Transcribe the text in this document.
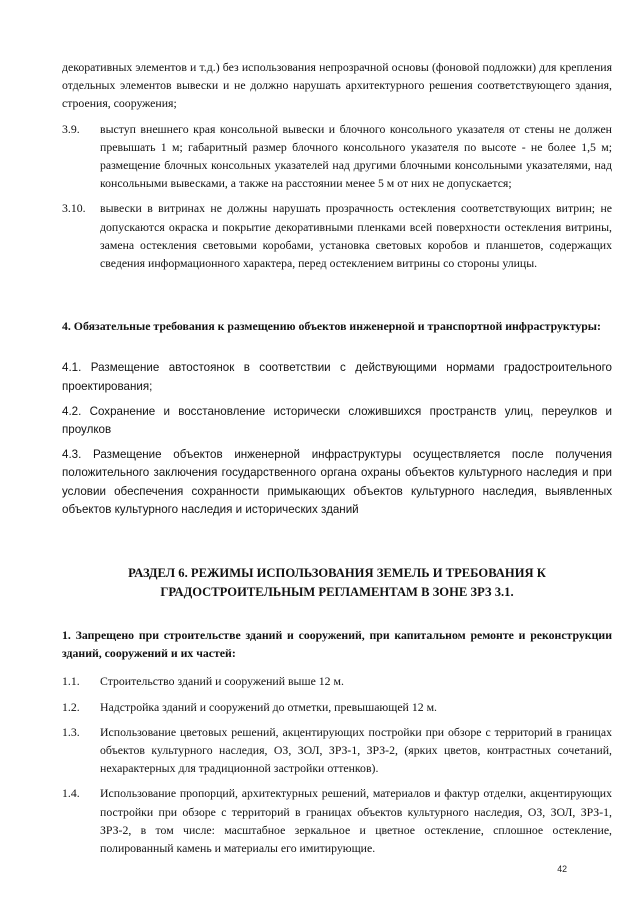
декоративных элементов и т.д.) без использования непрозрачной основы (фоновой подложки) для крепления отдельных элементов вывески и не должно нарушать архитектурного решения соответствующего здания, строения, сооружения;

3.9.	выступ внешнего края консольной вывески и блочного консольного указателя от стены не должен превышать 1 м; габаритный размер блочного консольного указателя по высоте - не более 1,5 м; размещение блочных консольных указателей над другими блочными консольными указателями, над консольными вывесками, а также на расстоянии менее 5 м от них не допускается;
3.10.	вывески в витринах не должны нарушать прозрачность остекления соответствующих витрин; не допускаются окраска и покрытие декоративными пленками всей поверхности остекления витрины, замена остекления световыми коробами, установка световых коробов и планшетов, содержащих сведения информационного характера, перед остеклением витрины со стороны улицы.

4. Обязательные требования к размещению объектов инженерной и транспортной инфраструктуры:

4.1. Размещение автостоянок в соответствии с действующими нормами градостроительного проектирования;

4.2. Сохранение и восстановление исторически сложившихся пространств улиц, переулков и проулков

4.3. Размещение объектов инженерной инфраструктуры осуществляется после получения положительного заключения государственного органа охраны объектов культурного наследия и при условии обеспечения сохранности примыкающих объектов культурного наследия, выявленных объектов культурного наследия и исторических зданий

РАЗДЕЛ 6. РЕЖИМЫ ИСПОЛЬЗОВАНИЯ ЗЕМЕЛЬ И ТРЕБОВАНИЯ К ГРАДОСТРОИТЕЛЬНЫМ РЕГЛАМЕНТАМ В ЗОНЕ ЗРЗ 3.1.

1. Запрещено при строительстве зданий и сооружений, при капитальном ремонте и реконструкции зданий, сооружений и их частей:

1.1.	Строительство зданий и сооружений выше 12 м.
1.2.	Надстройка зданий и сооружений до отметки, превышающей 12 м.
1.3.	Использование цветовых решений, акцентирующих постройки при обзоре с территорий в границах объектов культурного наследия, ОЗ, ЗОЛ, ЗРЗ-1, ЗРЗ-2, (ярких цветов, контрастных сочетаний, нехарактерных для традиционной застройки оттенков).
1.4.	Использование пропорций, архитектурных решений, материалов и фактур отделки, акцентирующих постройки при обзоре с территорий в границах объектов культурного наследия, ОЗ, ЗОЛ, ЗРЗ-1, ЗРЗ-2, в том числе: масштабное зеркальное и цветное остекление, сплошное остекление, полированный камень и материалы его имитирующие.
42
